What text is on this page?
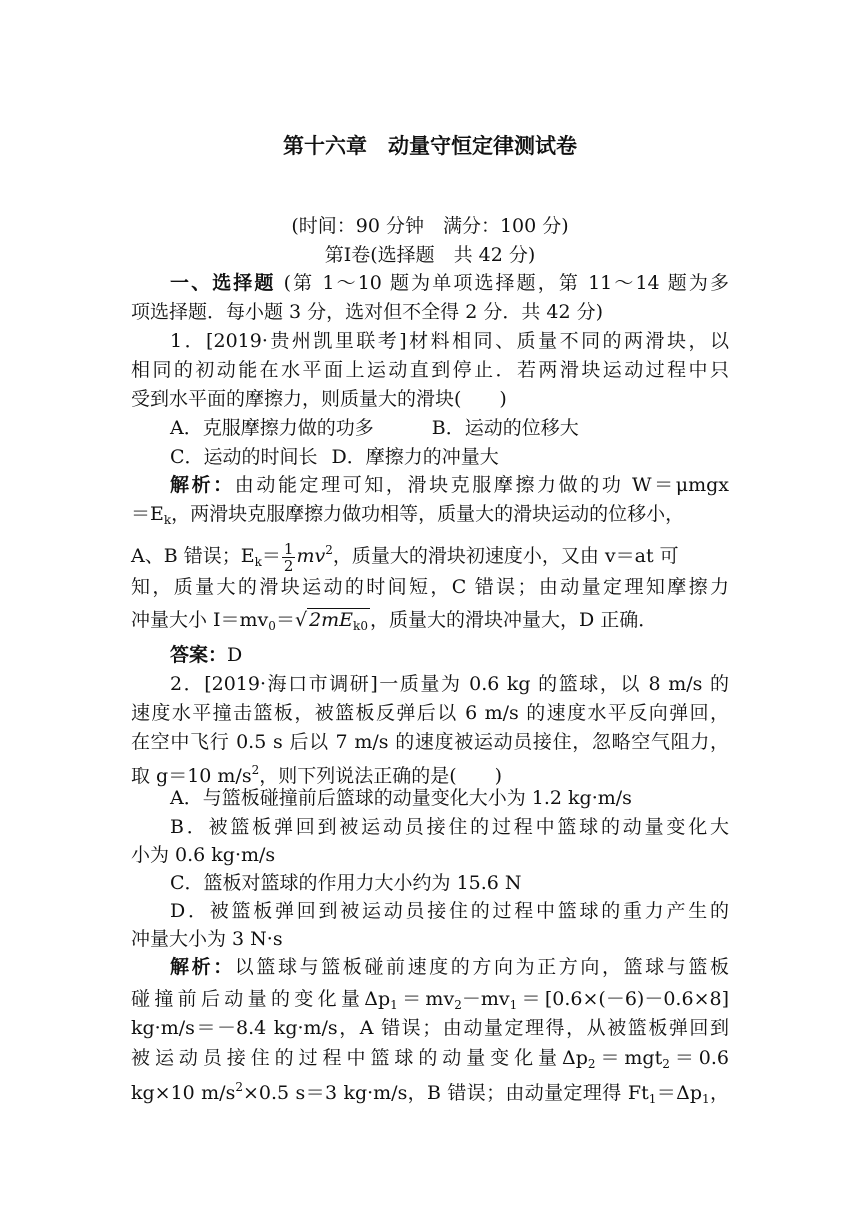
第十六章　动量守恒定律测试卷
(时间：90 分钟　满分：100 分)
第Ⅰ卷(选择题　共 42 分)
一、选择题 (第 1～10 题为单项选择题，第 11～14 题为多
项选择题．每小题 3 分，选对但不全得 2 分．共 42 分)
1．[2019·贵州凯里联考]材料相同、质量不同的两滑块，以
相同的初动能在水平面上运动直到停止．若两滑块运动过程中只
受到水平面的摩擦力，则质量大的滑块(　　)
A．克服摩擦力做的功多	B．运动的位移大
C．运动的时间长 D．摩擦力的冲量大
解析：由动能定理可知，滑块克服摩擦力做的功 W＝μmgx
$=E_k$，两滑块克服摩擦力做功相等，质量大的滑块运动的位移小，
A、B 错误；$E_k= \frac{1}{2} mv^2$，质量大的滑块初速度小，又由 v＝at 可
知，质量大的滑块运动的时间短，C 错误；由动量定理知摩擦力
冲量大小 $I=mv_0=√$ $2mE_{k0}$ ，质量大的滑块冲量大，D 正确．
答案：D
2．[2019·海口市调研]一质量为 0.6 kg 的篮球，以 8 m/s 的
速度水平撞击篮板，被篮板反弹后以 6 m/s 的速度水平反向弹回，
在空中飞行 0.5 s 后以 7 m/s 的速度被运动员接住，忽略空气阻力，
取 g＝10 $m/s^2$，则下列说法正确的是(　　)
A．与篮板碰撞前后篮球的动量变化大小为 1.2 kg·m/s
B．被篮板弹回到被运动员接住的过程中篮球的动量变化大
小为 0.6 kg·m/s
C．篮板对篮球的作用力大小约为 15.6 N
D．被篮板弹回到被运动员接住的过程中篮球的重力产生的
冲量大小为 3 N·s
解析：以篮球与篮板碰前速度的方向为正方向，篮球与篮板
碰撞前后动量的变化量$\Delta p_1=mv_2-mv_1=[0.6\times(-6)-0.6\times 8]$
kg·m/s＝－8.4 kg·m/s，A 错误；由动量定理得，从被篮板弹回到
被运动员接住的过程中篮球的动量变化量$\Delta p_2=mgt_2=0.6$
kg×10 $m/s^2\times 0.5$ s＝3 kg·m/s，B 错误；由动量定理得 $Ft_1=\Delta p_1$，
